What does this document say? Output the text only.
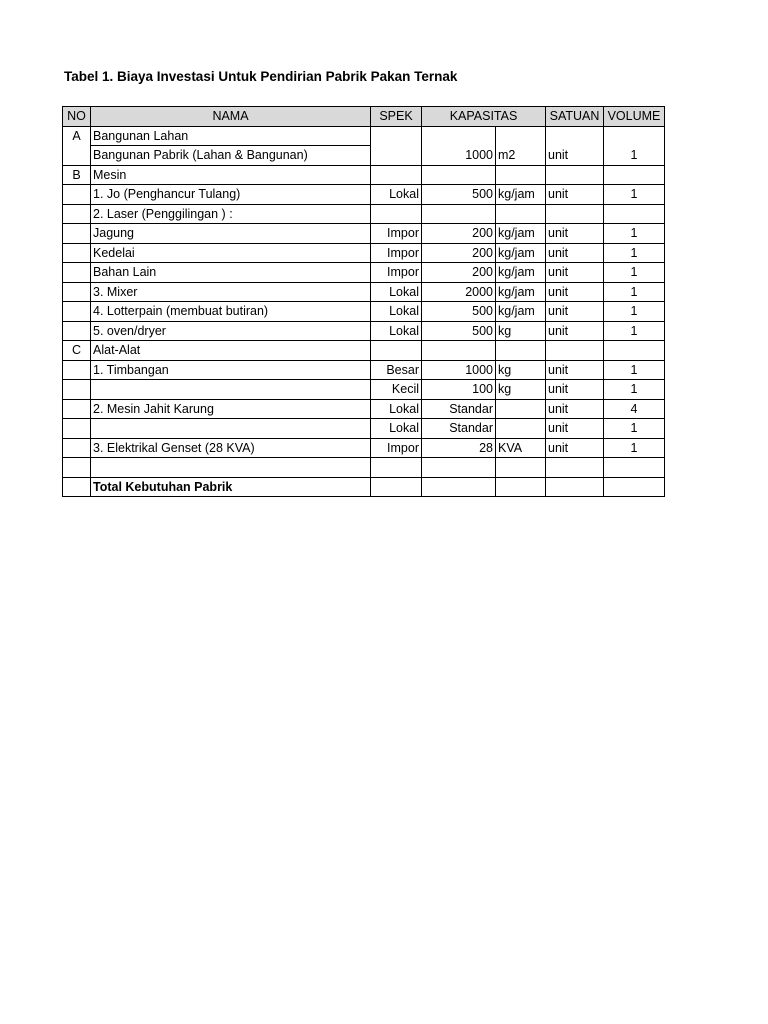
Tabel 1. Biaya Investasi Untuk Pendirian Pabrik Pakan Ternak
NO	NAMA	SPEK	KAPASITAS		SATUAN	VOLUME
A	Bangunan Lahan					
	Bangunan Pabrik (Lahan & Bangunan)		1000	m2	unit	1
B	Mesin					
	1. Jo (Penghancur Tulang)	Lokal	500	kg/jam	unit	1
	2. Laser (Penggilingan ) :					
	Jagung	Impor	200	kg/jam	unit	1
	Kedelai	Impor	200	kg/jam	unit	1
	Bahan Lain	Impor	200	kg/jam	unit	1
	3. Mixer	Lokal	2000	kg/jam	unit	1
	4. Lotterpain (membuat butiran)	Lokal	500	kg/jam	unit	1
	5. oven/dryer	Lokal	500	kg	unit	1
C	Alat-Alat					
	1. Timbangan	Besar	1000	kg	unit	1
		Kecil	100	kg	unit	1
	2. Mesin Jahit Karung	Lokal	Standar		unit	4
		Lokal	Standar		unit	1
	3. Elektrikal Genset (28 KVA)	Impor	28	KVA	unit	1

	Total Kebutuhan Pabrik					
